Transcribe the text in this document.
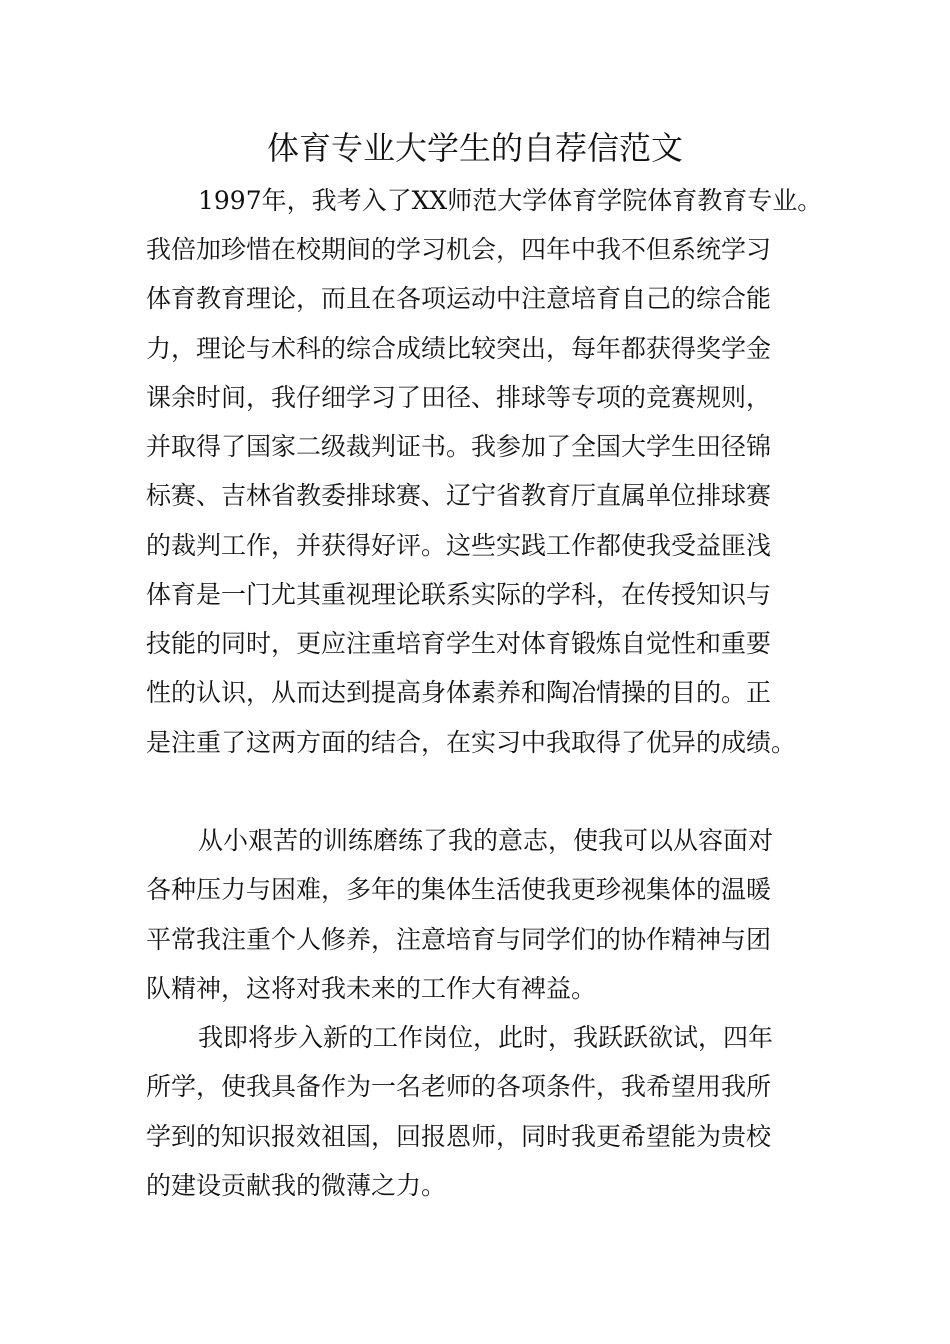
体育专业大学生的自荐信范文
1997年，我考入了XX师范大学体育学院体育教育专业。
我倍加珍惜在校期间的学习机会，四年中我不但系统学习
体育教育理论，而且在各项运动中注意培育自己的综合能
力，理论与术科的综合成绩比较突出，每年都获得奖学金
课余时间，我仔细学习了田径、排球等专项的竞赛规则，
并取得了国家二级裁判证书。我参加了全国大学生田径锦
标赛、吉林省教委排球赛、辽宁省教育厅直属单位排球赛
的裁判工作，并获得好评。这些实践工作都使我受益匪浅
体育是一门尤其重视理论联系实际的学科，在传授知识与
技能的同时，更应注重培育学生对体育锻炼自觉性和重要
性的认识，从而达到提高身体素养和陶冶情操的目的。正
是注重了这两方面的结合，在实习中我取得了优异的成绩。
从小艰苦的训练磨练了我的意志，使我可以从容面对
各种压力与困难，多年的集体生活使我更珍视集体的温暖
平常我注重个人修养，注意培育与同学们的协作精神与团
队精神，这将对我未来的工作大有裨益。
我即将步入新的工作岗位，此时，我跃跃欲试，四年
所学，使我具备作为一名老师的各项条件，我希望用我所
学到的知识报效祖国，回报恩师，同时我更希望能为贵校
的建设贡献我的微薄之力。
